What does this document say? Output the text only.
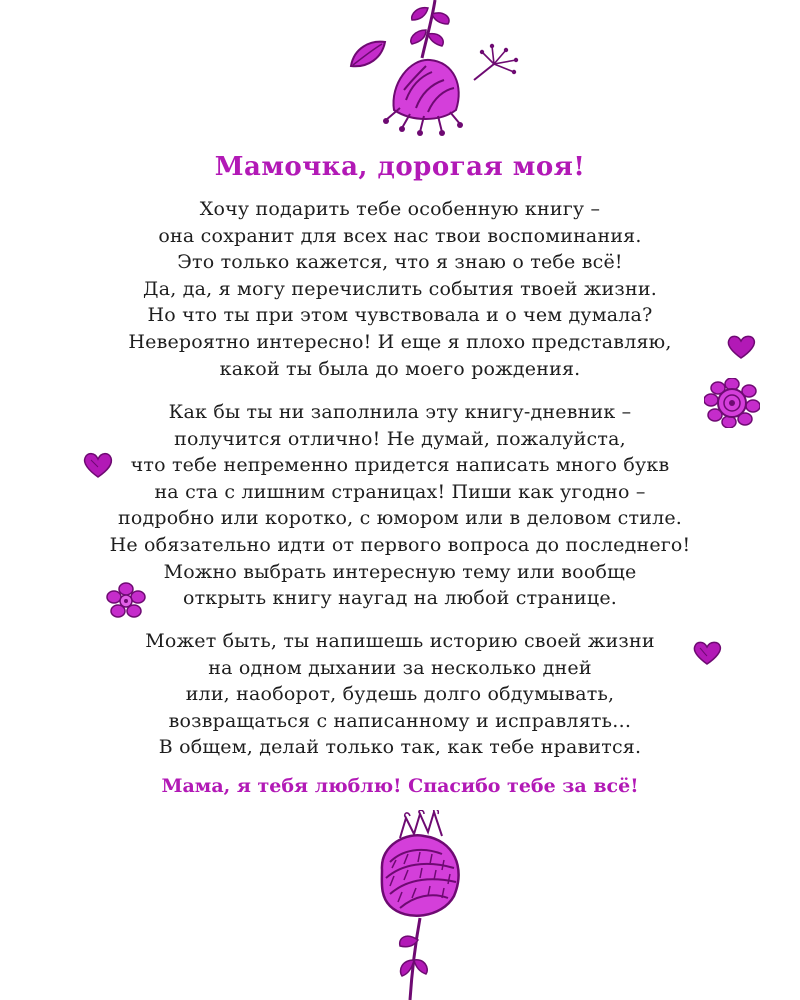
Мамочка, дорогая моя!
Хочу подарить тебе особенную книгу –
она сохранит для всех нас твои воспоминания.
Это только кажется, что я знаю о тебе всё!
Да, да, я могу перечислить события твоей жизни.
Но что ты при этом чувствовала и о чем думала?
Невероятно интересно! И еще я плохо представляю,
какой ты была до моего рождения.
Как бы ты ни заполнила эту книгу-дневник –
получится отлично! Не думай, пожалуйста,
что тебе непременно придется написать много букв
на ста с лишним страницах! Пиши как угодно –
подробно или коротко, с юмором или в деловом стиле.
Не обязательно идти от первого вопроса до последнего!
Можно выбрать интересную тему или вообще
открыть книгу наугад на любой странице.
Может быть, ты напишешь историю своей жизни
на одном дыхании за несколько дней
или, наоборот, будешь долго обдумывать,
возвращаться с написанному и исправлять…
В общем, делай только так, как тебе нравится.
Мама, я тебя люблю! Спасибо тебе за всё!
